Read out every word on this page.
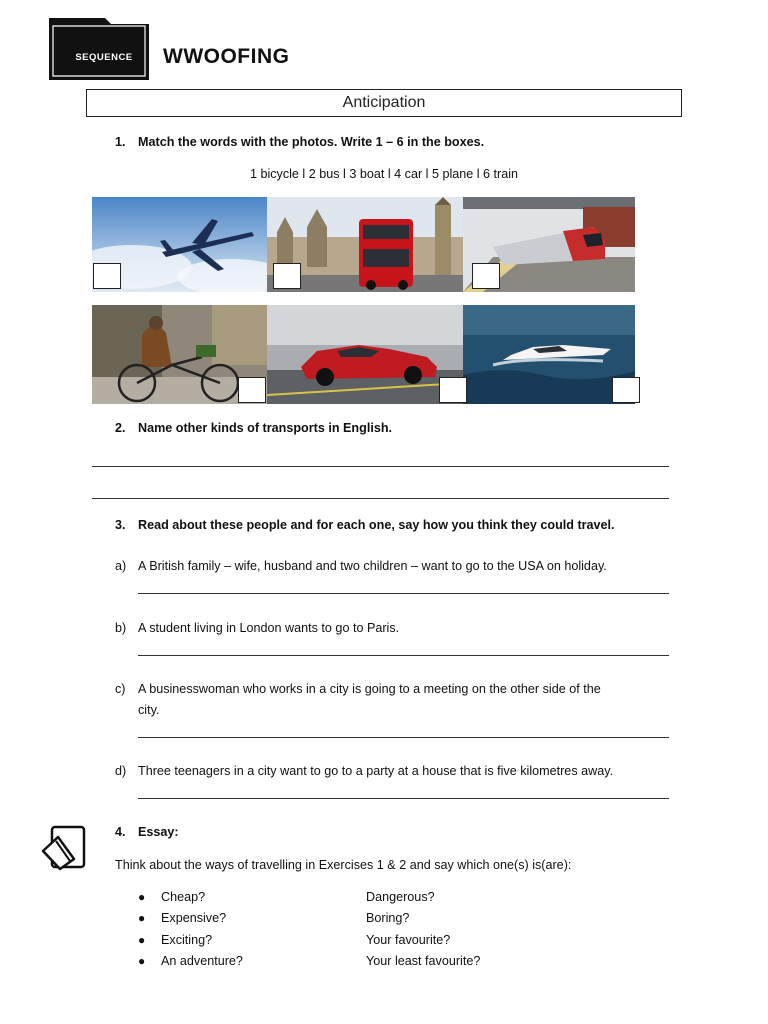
SEQUENCE	WWOOFING
Anticipation
1. Match the words with the photos. Write 1 – 6 in the boxes.
1 bicycle l 2 bus l 3 boat l 4 car l 5 plane l 6 train
2. Name other kinds of transports in English.
3. Read about these people and for each one, say how you think they could travel.
a) A British family – wife, husband and two children – want to go to the USA on holiday.
b) A student living in London wants to go to Paris.
c) A businesswoman who works in a city is going to a meeting on the other side of the
city.
d) Three teenagers in a city want to go to a party at a house that is five kilometres away.
4. Essay:
Think about the ways of travelling in Exercises 1 & 2 and say which one(s) is(are):
● Cheap?
● Expensive?
● Exciting?
● An adventure?
Dangerous?
Boring?
Your favourite?
Your least favourite?
